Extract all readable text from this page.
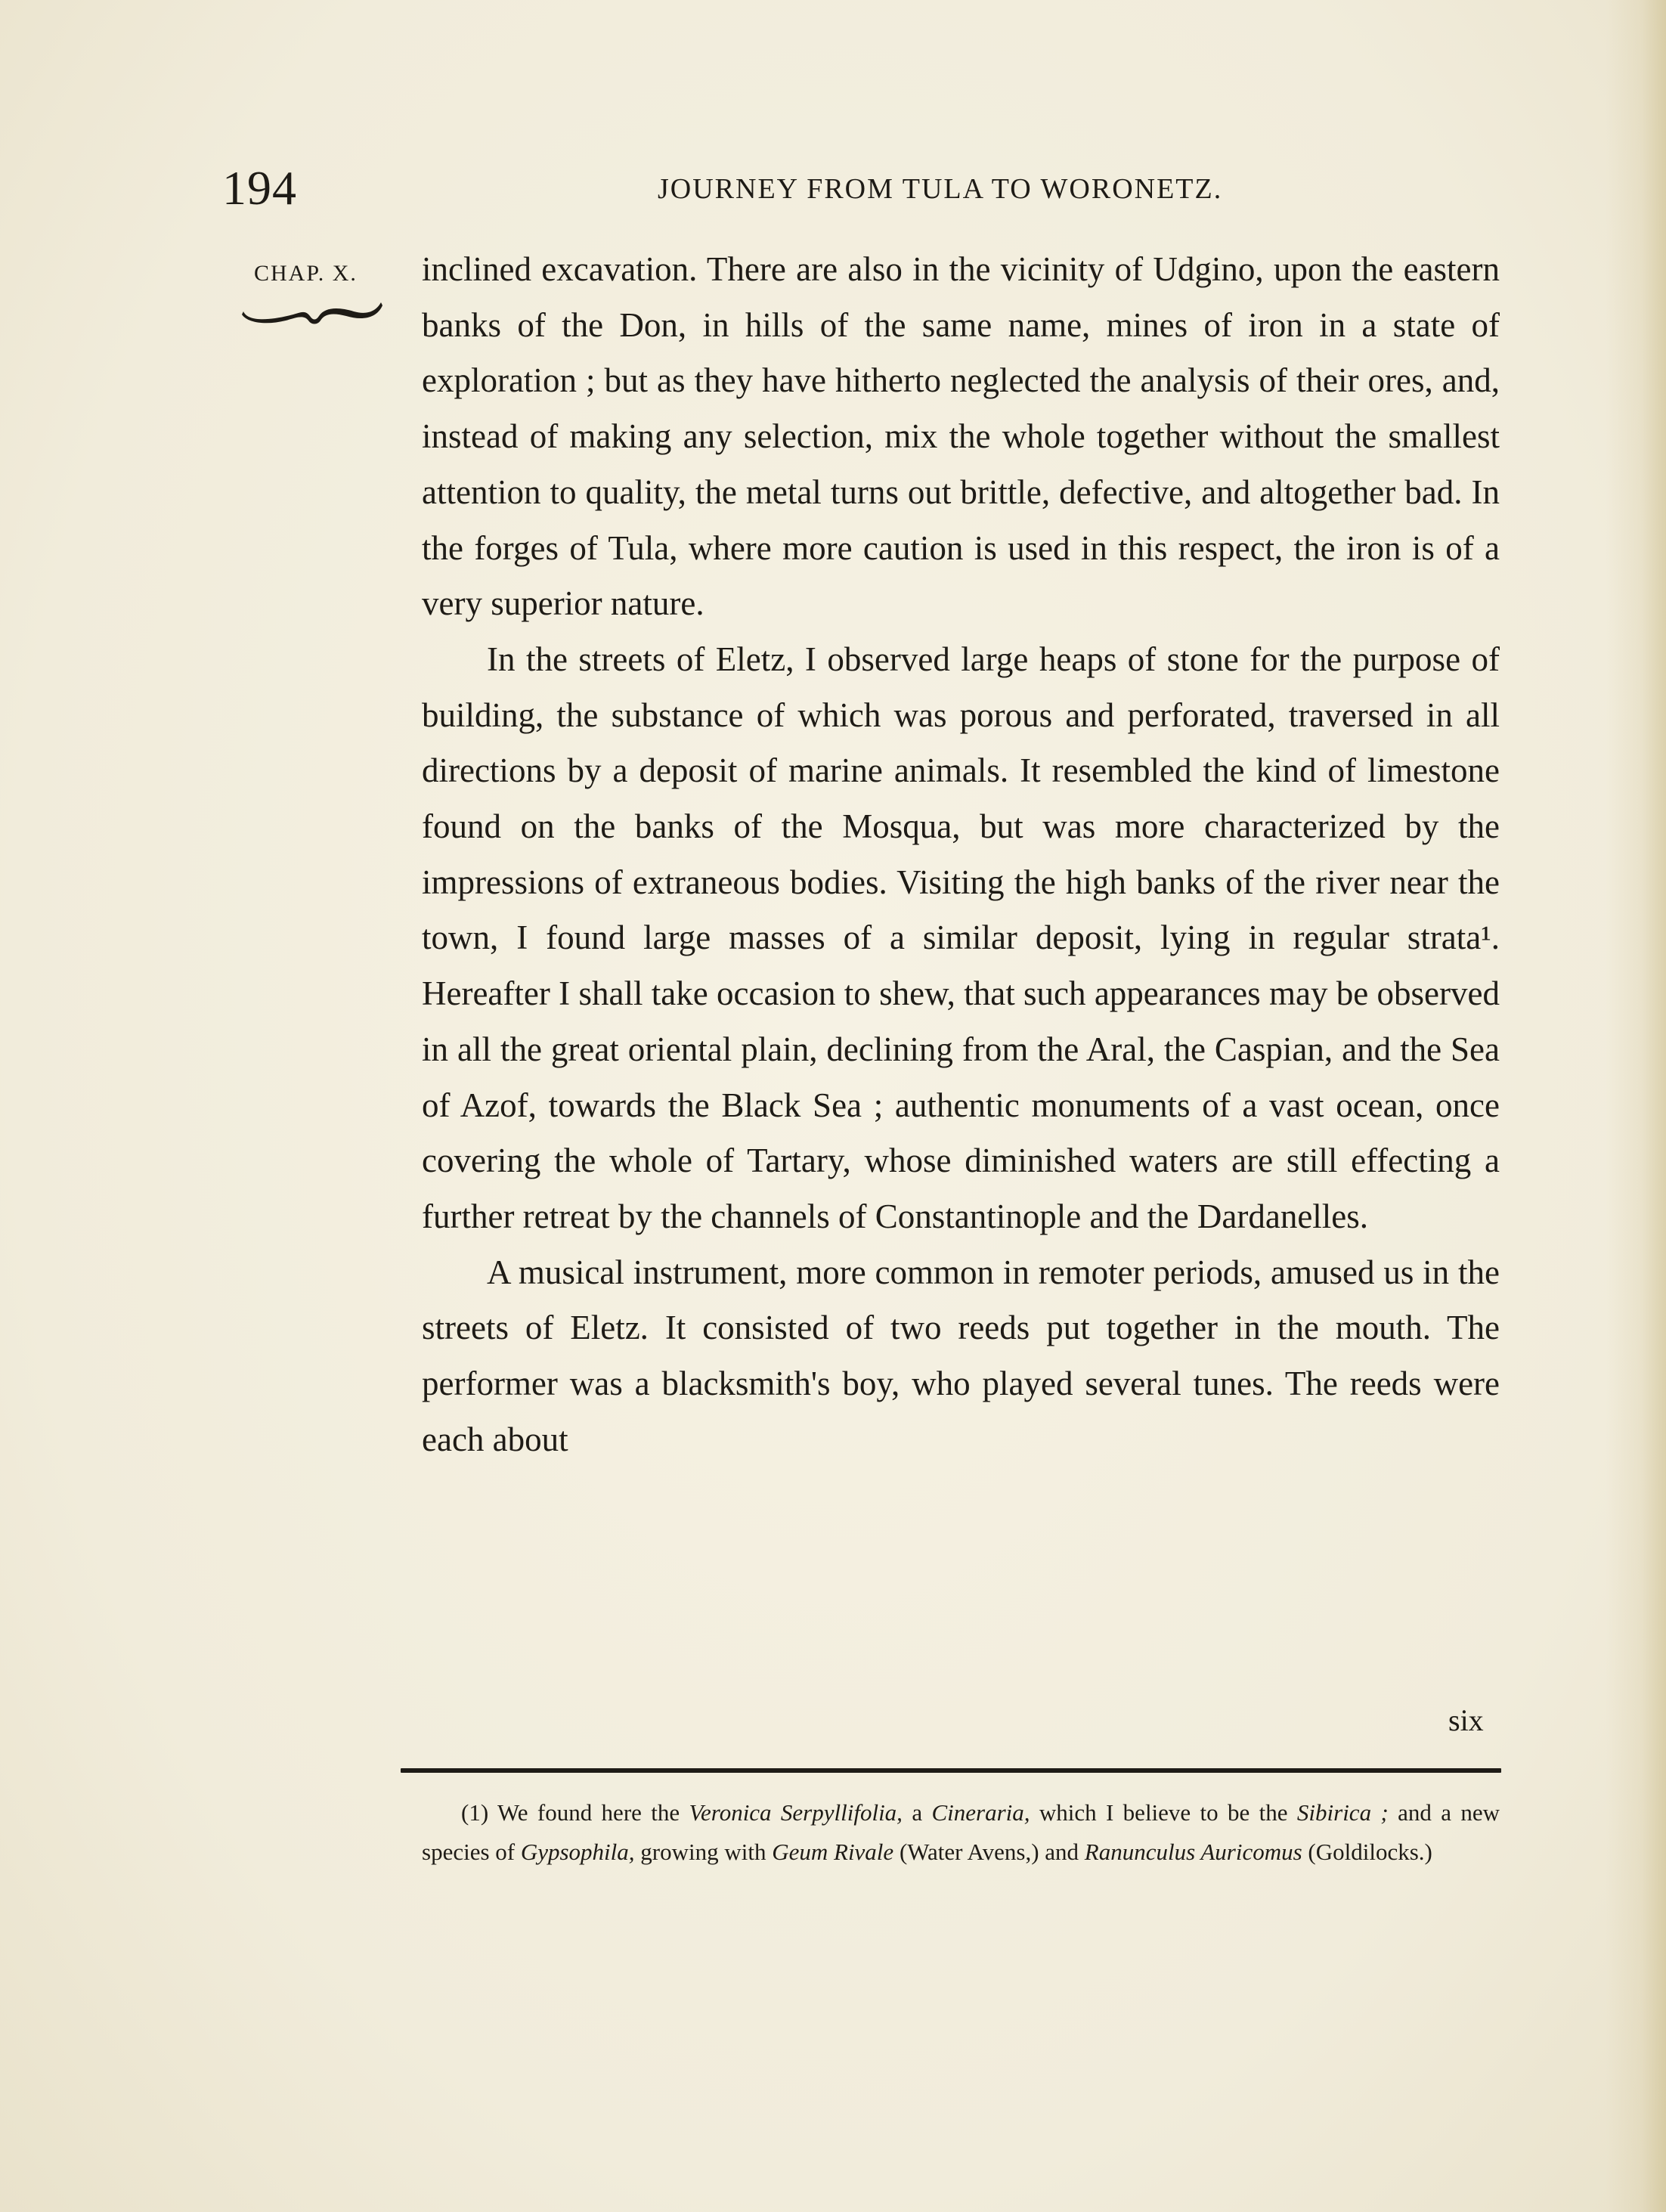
194	JOURNEY FROM TULA TO WORONETZ.
CHAP. X. inclined excavation. There are also in the vicinity of Udgino, upon the eastern banks of the Don, in hills of the same name, mines of iron in a state of exploration ; but as they have hitherto neglected the analysis of their ores, and, instead of making any selection, mix the whole together without the smallest attention to quality, the metal turns out brittle, defective, and altogether bad. In the forges of Tula, where more caution is used in this respect, the iron is of a very superior nature.

In the streets of Eletz, I observed large heaps of stone for the purpose of building, the substance of which was porous and perforated, traversed in all directions by a deposit of marine animals. It resembled the kind of limestone found on the banks of the Mosqua, but was more characterized by the impressions of extraneous bodies. Visiting the high banks of the river near the town, I found large masses of a similar deposit, lying in regular strata¹. Hereafter I shall take occasion to shew, that such appearances may be observed in all the great oriental plain, declining from the Aral, the Caspian, and the Sea of Azof, towards the Black Sea ; authentic monuments of a vast ocean, once covering the whole of Tartary, whose diminished waters are still effecting a further retreat by the channels of Constantinople and the Dardanelles.

A musical instrument, more common in remoter periods, amused us in the streets of Eletz. It consisted of two reeds put together in the mouth. The performer was a blacksmith's boy, who played several tunes. The reeds were each about

six
(1) We found here the Veronica Serpyllifolia, a Cineraria, which I believe to be the Sibirica ; and a new species of Gypsophila, growing with Geum Rivale (Water Avens,) and Ranunculus Auricomus (Goldilocks.)
